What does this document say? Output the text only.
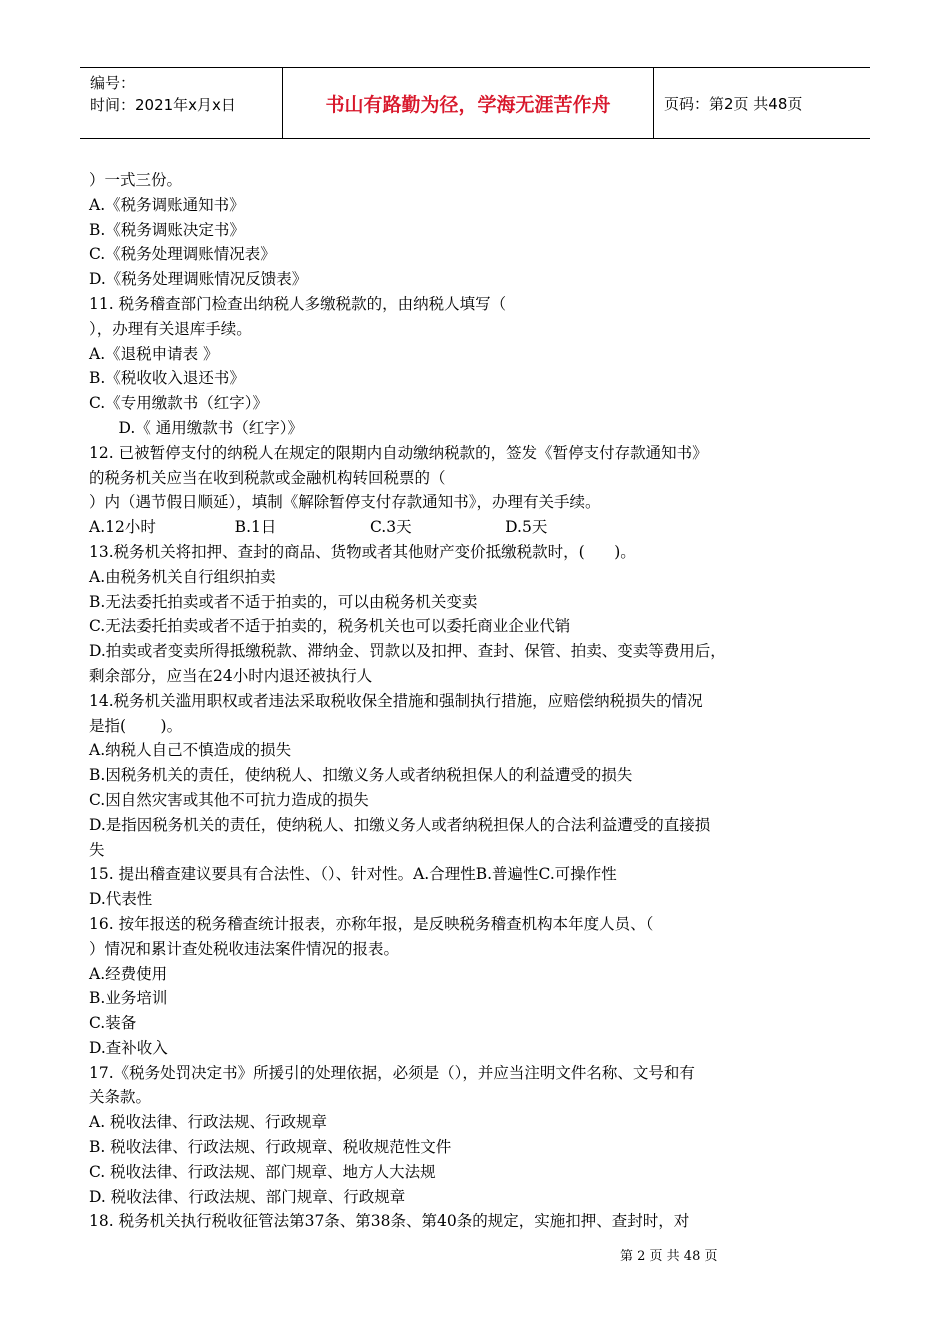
编号：
时间：2021年x月x日	书山有路勤为径，学海无涯苦作舟	页码：第2页 共48页
）一式三份。
A.《税务调账通知书》
B.《税务调账决定书》
C.《税务处理调账情况表》
D.《税务处理调账情况反馈表》
11. 税务稽查部门检查出纳税人多缴税款的，由纳税人填写（
），办理有关退库手续。
A.《退税申请表 》
B.《税收收入退还书》
C.《专用缴款书（红字）》
D.《 通用缴款书（红字）》
12. 已被暂停支付的纳税人在规定的限期内自动缴纳税款的，签发《暂停支付存款通知书》
的税务机关应当在收到税款或金融机构转回税票的（
）内（遇节假日顺延），填制《解除暂停支付存款通知书》，办理有关手续。
A.12小时                B.1日                   C.3天                   D.5天
13.税务机关将扣押、查封的商品、货物或者其他财产变价抵缴税款时，(      )。
A.由税务机关自行组织拍卖
B.无法委托拍卖或者不适于拍卖的，可以由税务机关变卖
C.无法委托拍卖或者不适于拍卖的，税务机关也可以委托商业企业代销
D.拍卖或者变卖所得抵缴税款、滞纳金、罚款以及扣押、查封、保管、拍卖、变卖等费用后，
剩余部分，应当在24小时内退还被执行人
14.税务机关滥用职权或者违法采取税收保全措施和强制执行措施，应赔偿纳税损失的情况
是指(       )。
A.纳税人自己不慎造成的损失
B.因税务机关的责任，使纳税人、扣缴义务人或者纳税担保人的利益遭受的损失
C.因自然灾害或其他不可抗力造成的损失
D.是指因税务机关的责任，使纳税人、扣缴义务人或者纳税担保人的合法利益遭受的直接损
失
15. 提出稽查建议要具有合法性、（）、针对性。A.合理性B.普遍性C.可操作性
D.代表性
16. 按年报送的税务稽查统计报表，亦称年报，是反映税务稽查机构本年度人员、（
）情况和累计查处税收违法案件情况的报表。
A.经费使用
B.业务培训
C.装备
D.查补收入
17.《税务处罚决定书》所援引的处理依据，必须是（），并应当注明文件名称、文号和有
关条款。
A. 税收法律、行政法规、行政规章
B. 税收法律、行政法规、行政规章、税收规范性文件
C. 税收法律、行政法规、部门规章、地方人大法规
D. 税收法律、行政法规、部门规章、行政规章
18. 税务机关执行税收征管法第37条、第38条、第40条的规定，实施扣押、查封时，对
第 2 页 共 48 页
